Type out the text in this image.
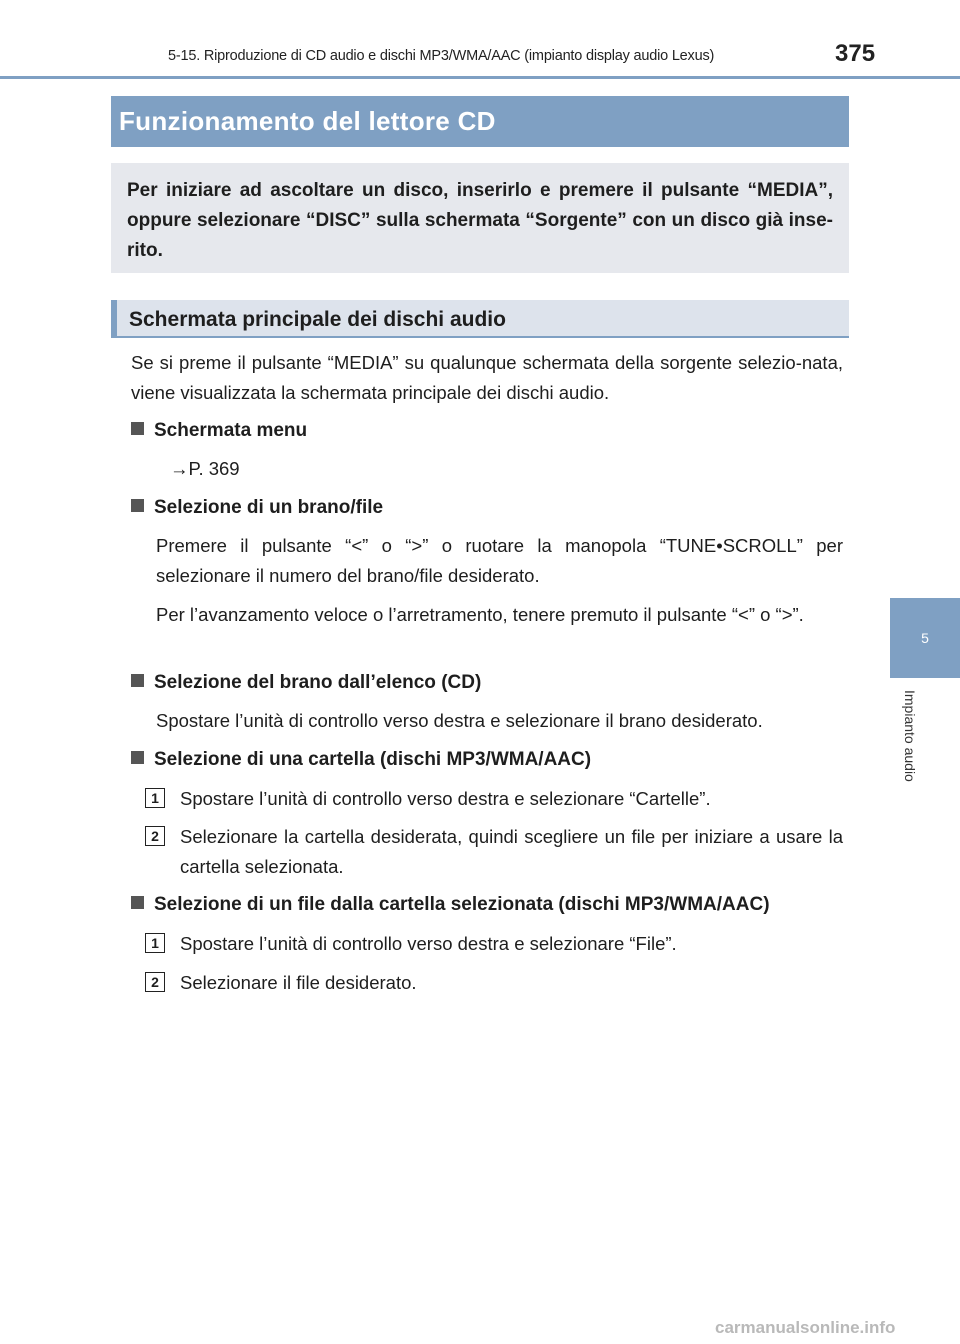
5-15. Riproduzione di CD audio e dischi MP3/WMA/AAC (impianto display audio Lexus)	375
5
Impianto audio
Funzionamento del lettore CD
Per iniziare ad ascoltare un disco, inserirlo e premere il pulsante “MEDIA”, oppure selezionare “DISC” sulla schermata “Sorgente” con un disco già inse-rito.
Schermata principale dei dischi audio
Se si preme il pulsante “MEDIA” su qualunque schermata della sorgente selezio-nata, viene visualizzata la schermata principale dei dischi audio.
Schermata menu
→P. 369
Selezione di un brano/file
Premere il pulsante “<” o “>” o ruotare la manopola “TUNE•SCROLL” per selezionare il numero del brano/file desiderato.
Per l’avanzamento veloce o l’arretramento, tenere premuto il pulsante “<” o “>”.
Selezione del brano dall’elenco (CD)
Spostare l’unità di controllo verso destra e selezionare il brano desiderato.
Selezione di una cartella (dischi MP3/WMA/AAC)
1	Spostare l’unità di controllo verso destra e selezionare “Cartelle”.
2	Selezionare la cartella desiderata, quindi scegliere un file per iniziare a usare la cartella selezionata.
Selezione di un file dalla cartella selezionata (dischi MP3/WMA/AAC)
1	Spostare l’unità di controllo verso destra e selezionare “File”.
2	Selezionare il file desiderato.
carmanualsonline.info
